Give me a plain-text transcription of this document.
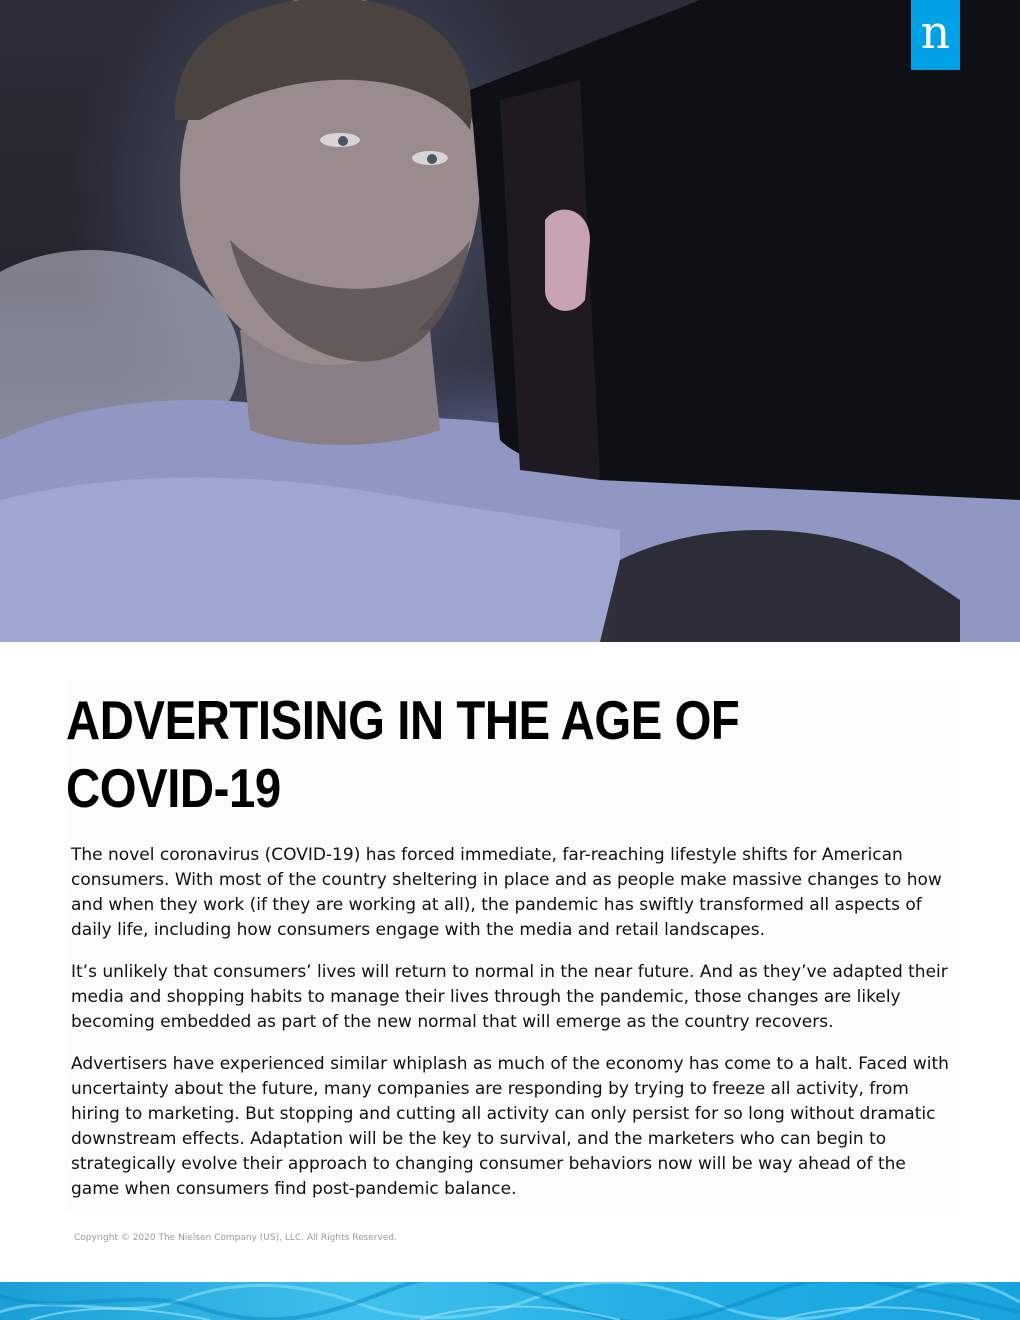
n
ADVERTISING IN THE AGE OF COVID-19

The novel coronavirus (COVID-19) has forced immediate, far-reaching lifestyle shifts for American consumers. With most of the country sheltering in place and as people make massive changes to how and when they work (if they are working at all), the pandemic has swiftly transformed all aspects of daily life, including how consumers engage with the media and retail landscapes.

It’s unlikely that consumers’ lives will return to normal in the near future. And as they’ve adapted their media and shopping habits to manage their lives through the pandemic, those changes are likely becoming embedded as part of the new normal that will emerge as the country recovers.

Advertisers have experienced similar whiplash as much of the economy has come to a halt. Faced with uncertainty about the future, many companies are responding by trying to freeze all activity, from hiring to marketing. But stopping and cutting all activity can only persist for so long without dramatic downstream effects. Adaptation will be the key to survival, and the marketers who can begin to strategically evolve their approach to changing consumer behaviors now will be way ahead of the game when consumers find post-pandemic balance.

Copyright © 2020 The Nielsen Company (US), LLC. All Rights Reserved.
